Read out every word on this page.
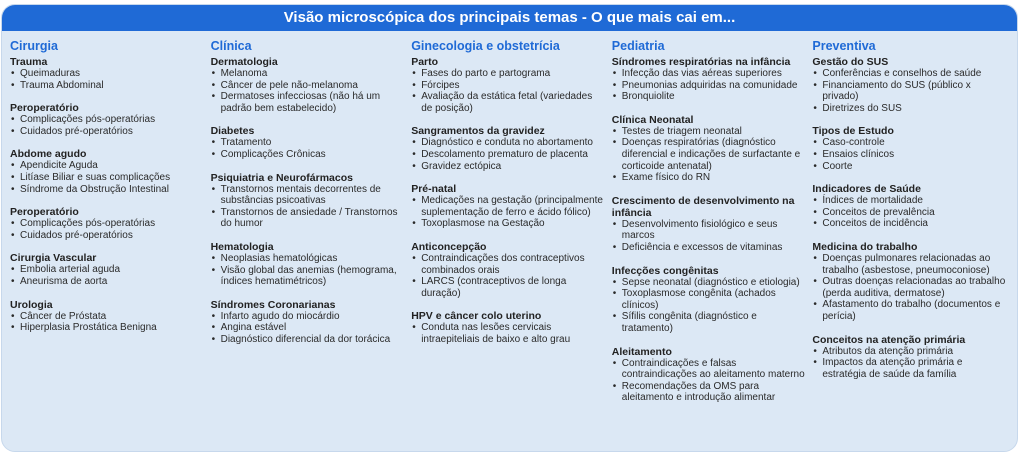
Visão microscópica dos principais temas - O que mais cai em...
Cirurgia
Trauma
• Queimaduras
• Trauma Abdominal
Peroperatório
• Complicações pós-operatórias
• Cuidados pré-operatórios
Abdome agudo
• Apendicite Aguda
• Litíase Biliar e suas complicações
• Síndrome da Obstrução Intestinal
Peroperatório
• Complicações pós-operatórias
• Cuidados pré-operatórios
Cirurgia Vascular
• Embolia arterial aguda
• Aneurisma de aorta
Urologia
• Câncer de Próstata
• Hiperplasia Prostática Benigna
Clínica
Dermatologia
• Melanoma
• Câncer de pele não-melanoma
• Dermatoses infecciosas (não há um padrão bem estabelecido)
Diabetes
• Tratamento
• Complicações Crônicas
Psiquiatria e Neurofármacos
• Transtornos mentais decorrentes de substâncias psicoativas
• Transtornos de ansiedade / Transtornos do humor
Hematologia
• Neoplasias hematológicas
• Visão global das anemias (hemograma, índices hematimétricos)
Síndromes Coronarianas
• Infarto agudo do miocárdio
• Angina estável
• Diagnóstico diferencial da dor torácica
Ginecologia e obstetrícia
Parto
• Fases do parto e partograma
• Fórcipes
• Avaliação da estática fetal (variedades de posição)
Sangramentos da gravidez
• Diagnóstico e conduta no abortamento
• Descolamento prematuro de placenta
• Gravidez ectópica
Pré-natal
• Medicações na gestação (principalmente suplementação de ferro e ácido fólico)
• Toxoplasmose na Gestação
Anticoncepção
• Contraindicações dos contraceptivos combinados orais
• LARCS (contraceptivos de longa duração)
HPV e câncer colo uterino
• Conduta nas lesões cervicais intraepiteliais de baixo e alto grau
Pediatria
Síndromes respiratórias na infância
• Infecção das vias aéreas superiores
• Pneumonias adquiridas na comunidade
• Bronquiolite
Clínica Neonatal
• Testes de triagem neonatal
• Doenças respiratórias (diagnóstico diferencial e indicações de surfactante e corticoide antenatal)
• Exame físico do RN
Crescimento de desenvolvimento na infância
• Desenvolvimento fisiológico e seus marcos
• Deficiência e excessos de vitaminas
Infecções congênitas
• Sepse neonatal (diagnóstico e etiologia)
• Toxoplasmose congênita (achados clínicos)
• Sífilis congênita (diagnóstico e tratamento)
Aleitamento
• Contraindicações e falsas contraindicações ao aleitamento materno
• Recomendações da OMS para aleitamento e introdução alimentar
Preventiva
Gestão do SUS
• Conferências e conselhos de saúde
• Financiamento do SUS (público x privado)
• Diretrizes do SUS
Tipos de Estudo
• Caso-controle
• Ensaios clínicos
• Coorte
Indicadores de Saúde
• Índices de mortalidade
• Conceitos de prevalência
• Conceitos de incidência
Medicina do trabalho
• Doenças pulmonares relacionadas ao trabalho (asbestose, pneumoconiose)
• Outras doenças relacionadas ao trabalho (perda auditiva, dermatose)
• Afastamento do trabalho (documentos e perícia)
Conceitos na atenção primária
• Atributos da atenção primária
• Impactos da atenção primária e estratégia de saúde da família
